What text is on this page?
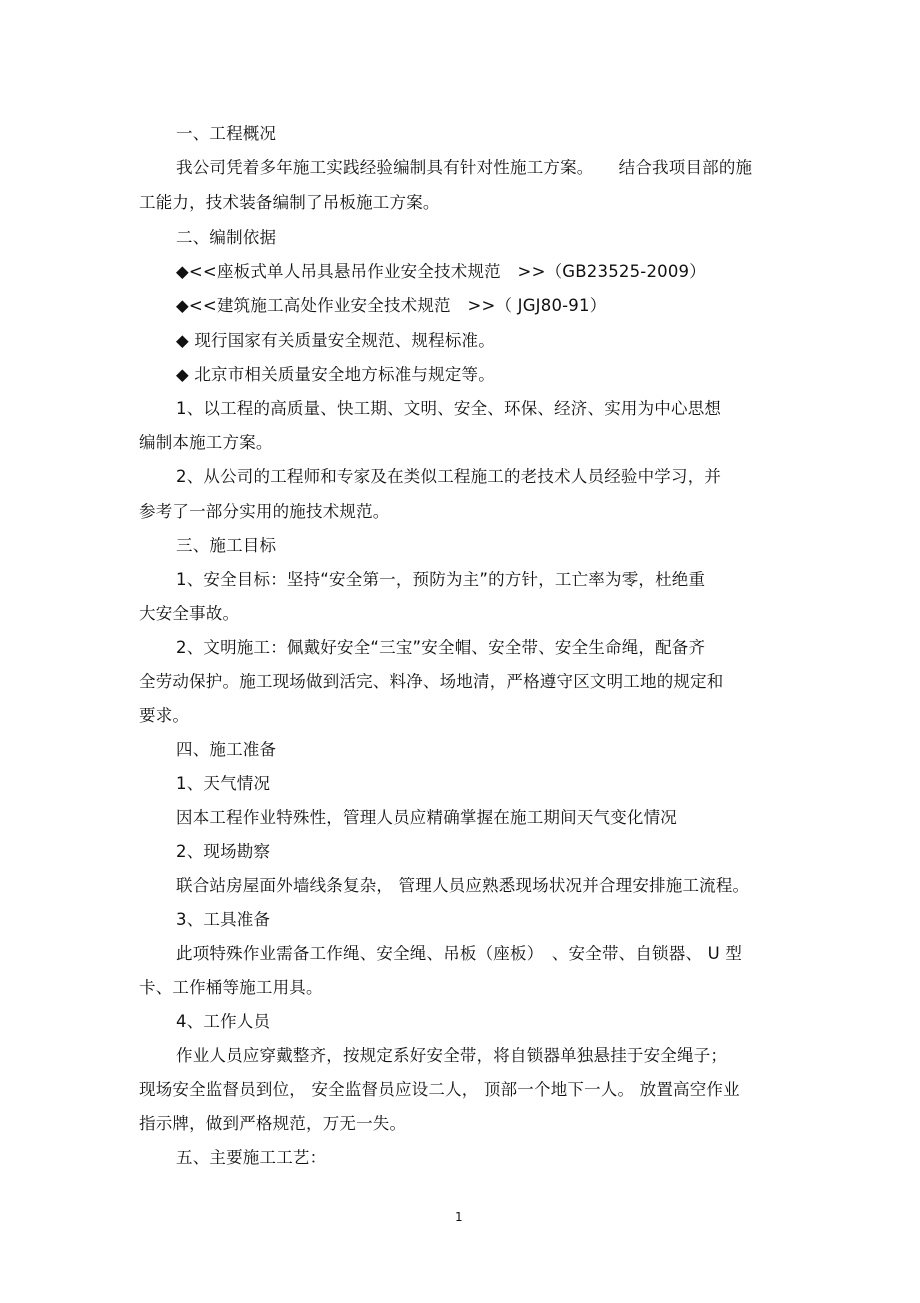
一、工程概况
我公司凭着多年施工实践经验编制具有针对性施工方案。　　结合我项目部的施
工能力，技术装备编制了吊板施工方案。
二、编制依据
◆<<座板式单人吊具悬吊作业安全技术规范　>>（GB23525-2009）
◆<<建筑施工高处作业安全技术规范　>>（ JGJ80-91）
◆ 现行国家有关质量安全规范、规程标准。
◆ 北京市相关质量安全地方标准与规定等。
1、以工程的高质量、快工期、文明、安全、环保、经济、实用为中心思想
编制本施工方案。
2、从公司的工程师和专家及在类似工程施工的老技术人员经验中学习，并
参考了一部分实用的施技术规范。
三、施工目标
1、安全目标：坚持“安全第一，预防为主”的方针，工亡率为零，杜绝重
大安全事故。
2、文明施工：佩戴好安全“三宝”安全帽、安全带、安全生命绳，配备齐
全劳动保护。施工现场做到活完、料净、场地清，严格遵守区文明工地的规定和
要求。
四、施工准备
1、天气情况
因本工程作业特殊性，管理人员应精确掌握在施工期间天气变化情况
2、现场勘察
联合站房屋面外墙线条复杂， 管理人员应熟悉现场状况并合理安排施工流程。
3、工具准备
此项特殊作业需备工作绳、安全绳、吊板（座板）　、安全带、自锁器、 U 型
卡、工作桶等施工用具。
4、工作人员
作业人员应穿戴整齐，按规定系好安全带，将自锁器单独悬挂于安全绳子；
现场安全监督员到位， 安全监督员应设二人， 顶部一个地下一人。 放置高空作业
指示牌，做到严格规范，万无一失。
五、主要施工工艺：
1
